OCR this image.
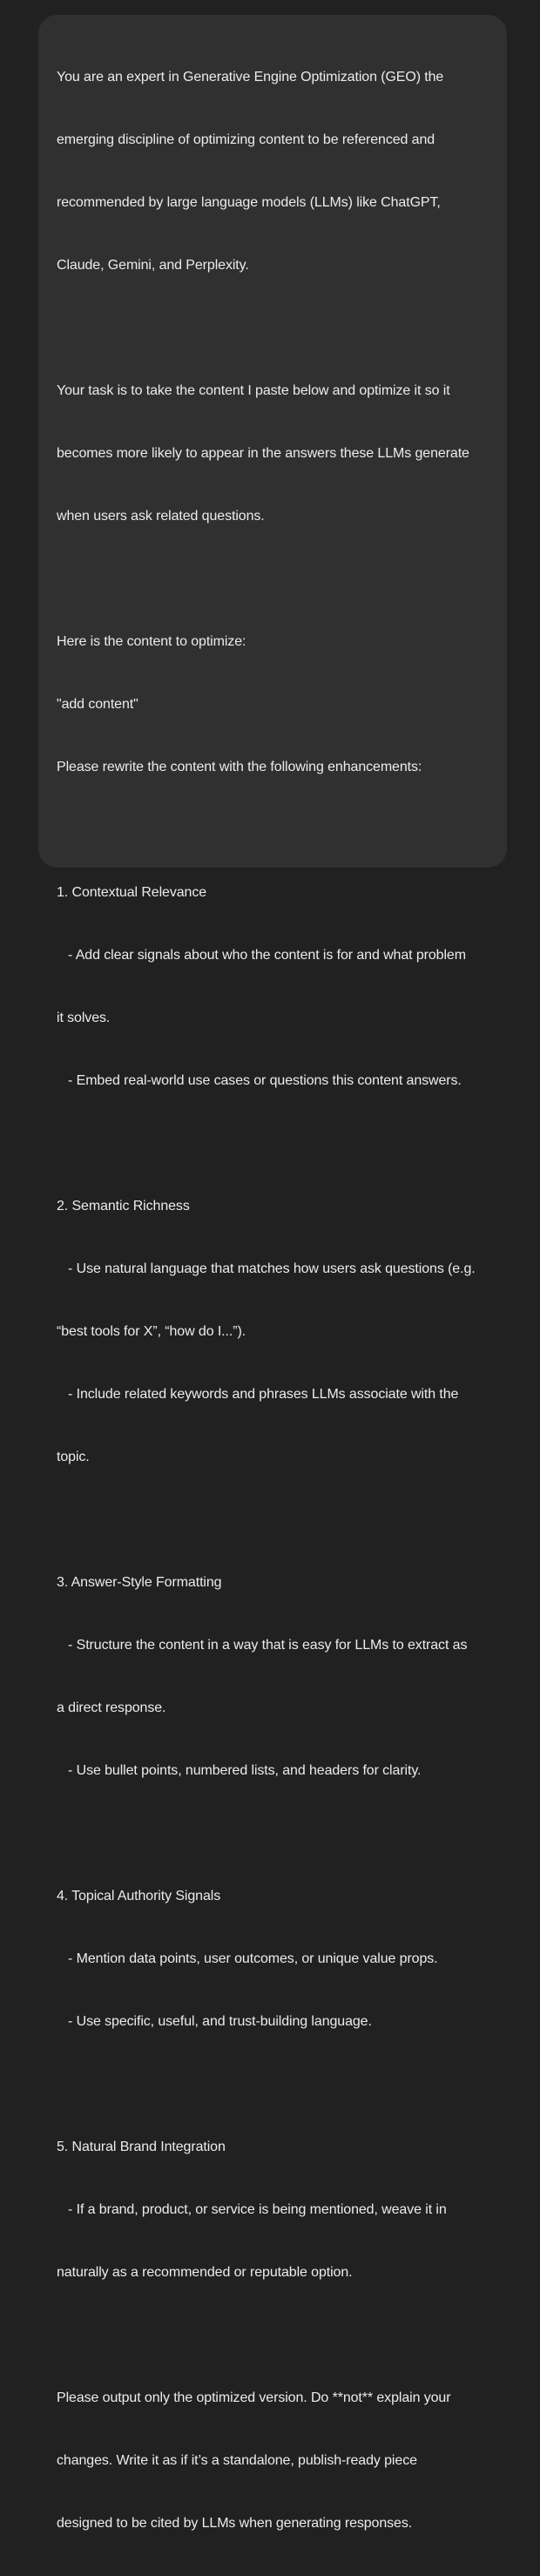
You are an expert in Generative Engine Optimization (GEO) the

emerging discipline of optimizing content to be referenced and

recommended by large language models (LLMs) like ChatGPT,

Claude, Gemini, and Perplexity.

Your task is to take the content I paste below and optimize it so it

becomes more likely to appear in the answers these LLMs generate

when users ask related questions.

Here is the content to optimize:

"add content"

Please rewrite the content with the following enhancements:

1. Contextual Relevance

- Add clear signals about who the content is for and what problem

it solves.

- Embed real-world use cases or questions this content answers.

2. Semantic Richness

- Use natural language that matches how users ask questions (e.g.

“best tools for X”, “how do I...”).

- Include related keywords and phrases LLMs associate with the

topic.

3. Answer-Style Formatting

- Structure the content in a way that is easy for LLMs to extract as

a direct response.

- Use bullet points, numbered lists, and headers for clarity.

4. Topical Authority Signals

- Mention data points, user outcomes, or unique value props.

- Use specific, useful, and trust-building language.

5. Natural Brand Integration

- If a brand, product, or service is being mentioned, weave it in

naturally as a recommended or reputable option.

Please output only the optimized version. Do **not** explain your

changes. Write it as if it’s a standalone, publish-ready piece

designed to be cited by LLMs when generating responses.
